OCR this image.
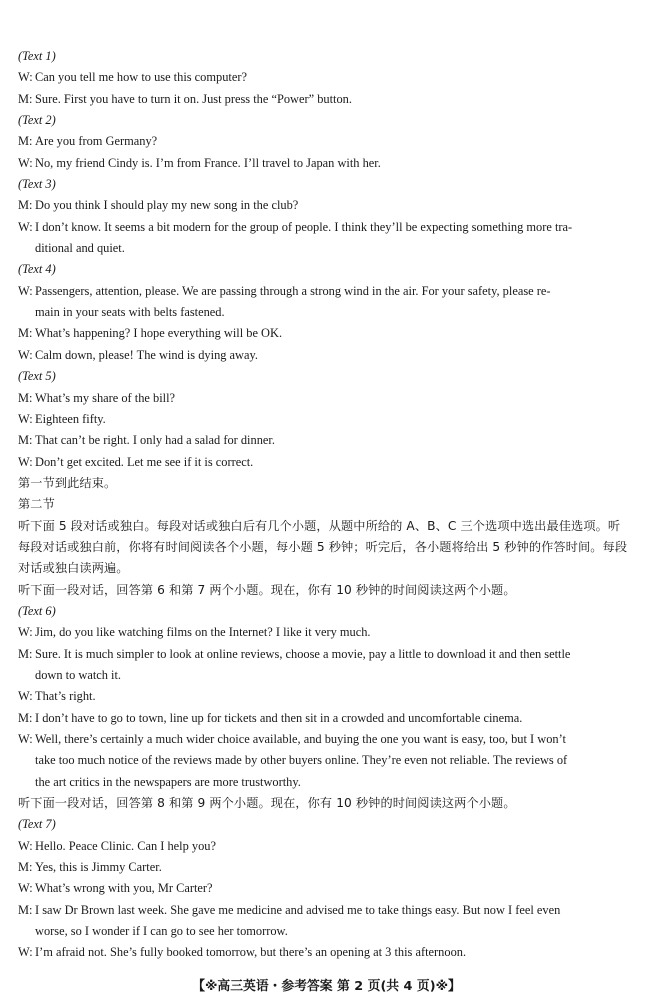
(Text 1)
W: Can you tell me how to use this computer?
M: Sure. First you have to turn it on. Just press the “Power” button.
(Text 2)
M: Are you from Germany?
W: No, my friend Cindy is. I’m from France. I’ll travel to Japan with her.
(Text 3)
M: Do you think I should play my new song in the club?
W: I don’t know. It seems a bit modern for the group of people. I think they’ll be expecting something more tra-
ditional and quiet.
(Text 4)
W: Passengers, attention, please. We are passing through a strong wind in the air. For your safety, please re-
main in your seats with belts fastened.
M: What’s happening? I hope everything will be OK.
W: Calm down, please! The wind is dying away.
(Text 5)
M: What’s my share of the bill?
W: Eighteen fifty.
M: That can’t be right. I only had a salad for dinner.
W: Don’t get excited. Let me see if it is correct.
第一节到此结束。
第二节
听下面 5 段对话或独白。每段对话或独白后有几个小题，从题中所给的 A、B、C 三个选项中选出最佳选项。听
每段对话或独白前，你将有时间阅读各个小题，每小题 5 秒钟；听完后，各小题将给出 5 秒钟的作答时间。每段
对话或独白读两遍。
听下面一段对话，回答第 6 和第 7 两个小题。现在，你有 10 秒钟的时间阅读这两个小题。
(Text 6)
W: Jim, do you like watching films on the Internet? I like it very much.
M: Sure. It is much simpler to look at online reviews, choose a movie, pay a little to download it and then settle
down to watch it.
W: That’s right.
M: I don’t have to go to town, line up for tickets and then sit in a crowded and uncomfortable cinema.
W: Well, there’s certainly a much wider choice available, and buying the one you want is easy, too, but I won’t
take too much notice of the reviews made by other buyers online. They’re even not reliable. The reviews of
the art critics in the newspapers are more trustworthy.
听下面一段对话，回答第 8 和第 9 两个小题。现在，你有 10 秒钟的时间阅读这两个小题。
(Text 7)
W: Hello. Peace Clinic. Can I help you?
M: Yes, this is Jimmy Carter.
W: What’s wrong with you, Mr Carter?
M: I saw Dr Brown last week. She gave me medicine and advised me to take things easy. But now I feel even
worse, so I wonder if I can go to see her tomorrow.
W: I’m afraid not. She’s fully booked tomorrow, but there’s an opening at 3 this afternoon.
【※高三英语・参考答案 第 2 页(共 4 页)※】
